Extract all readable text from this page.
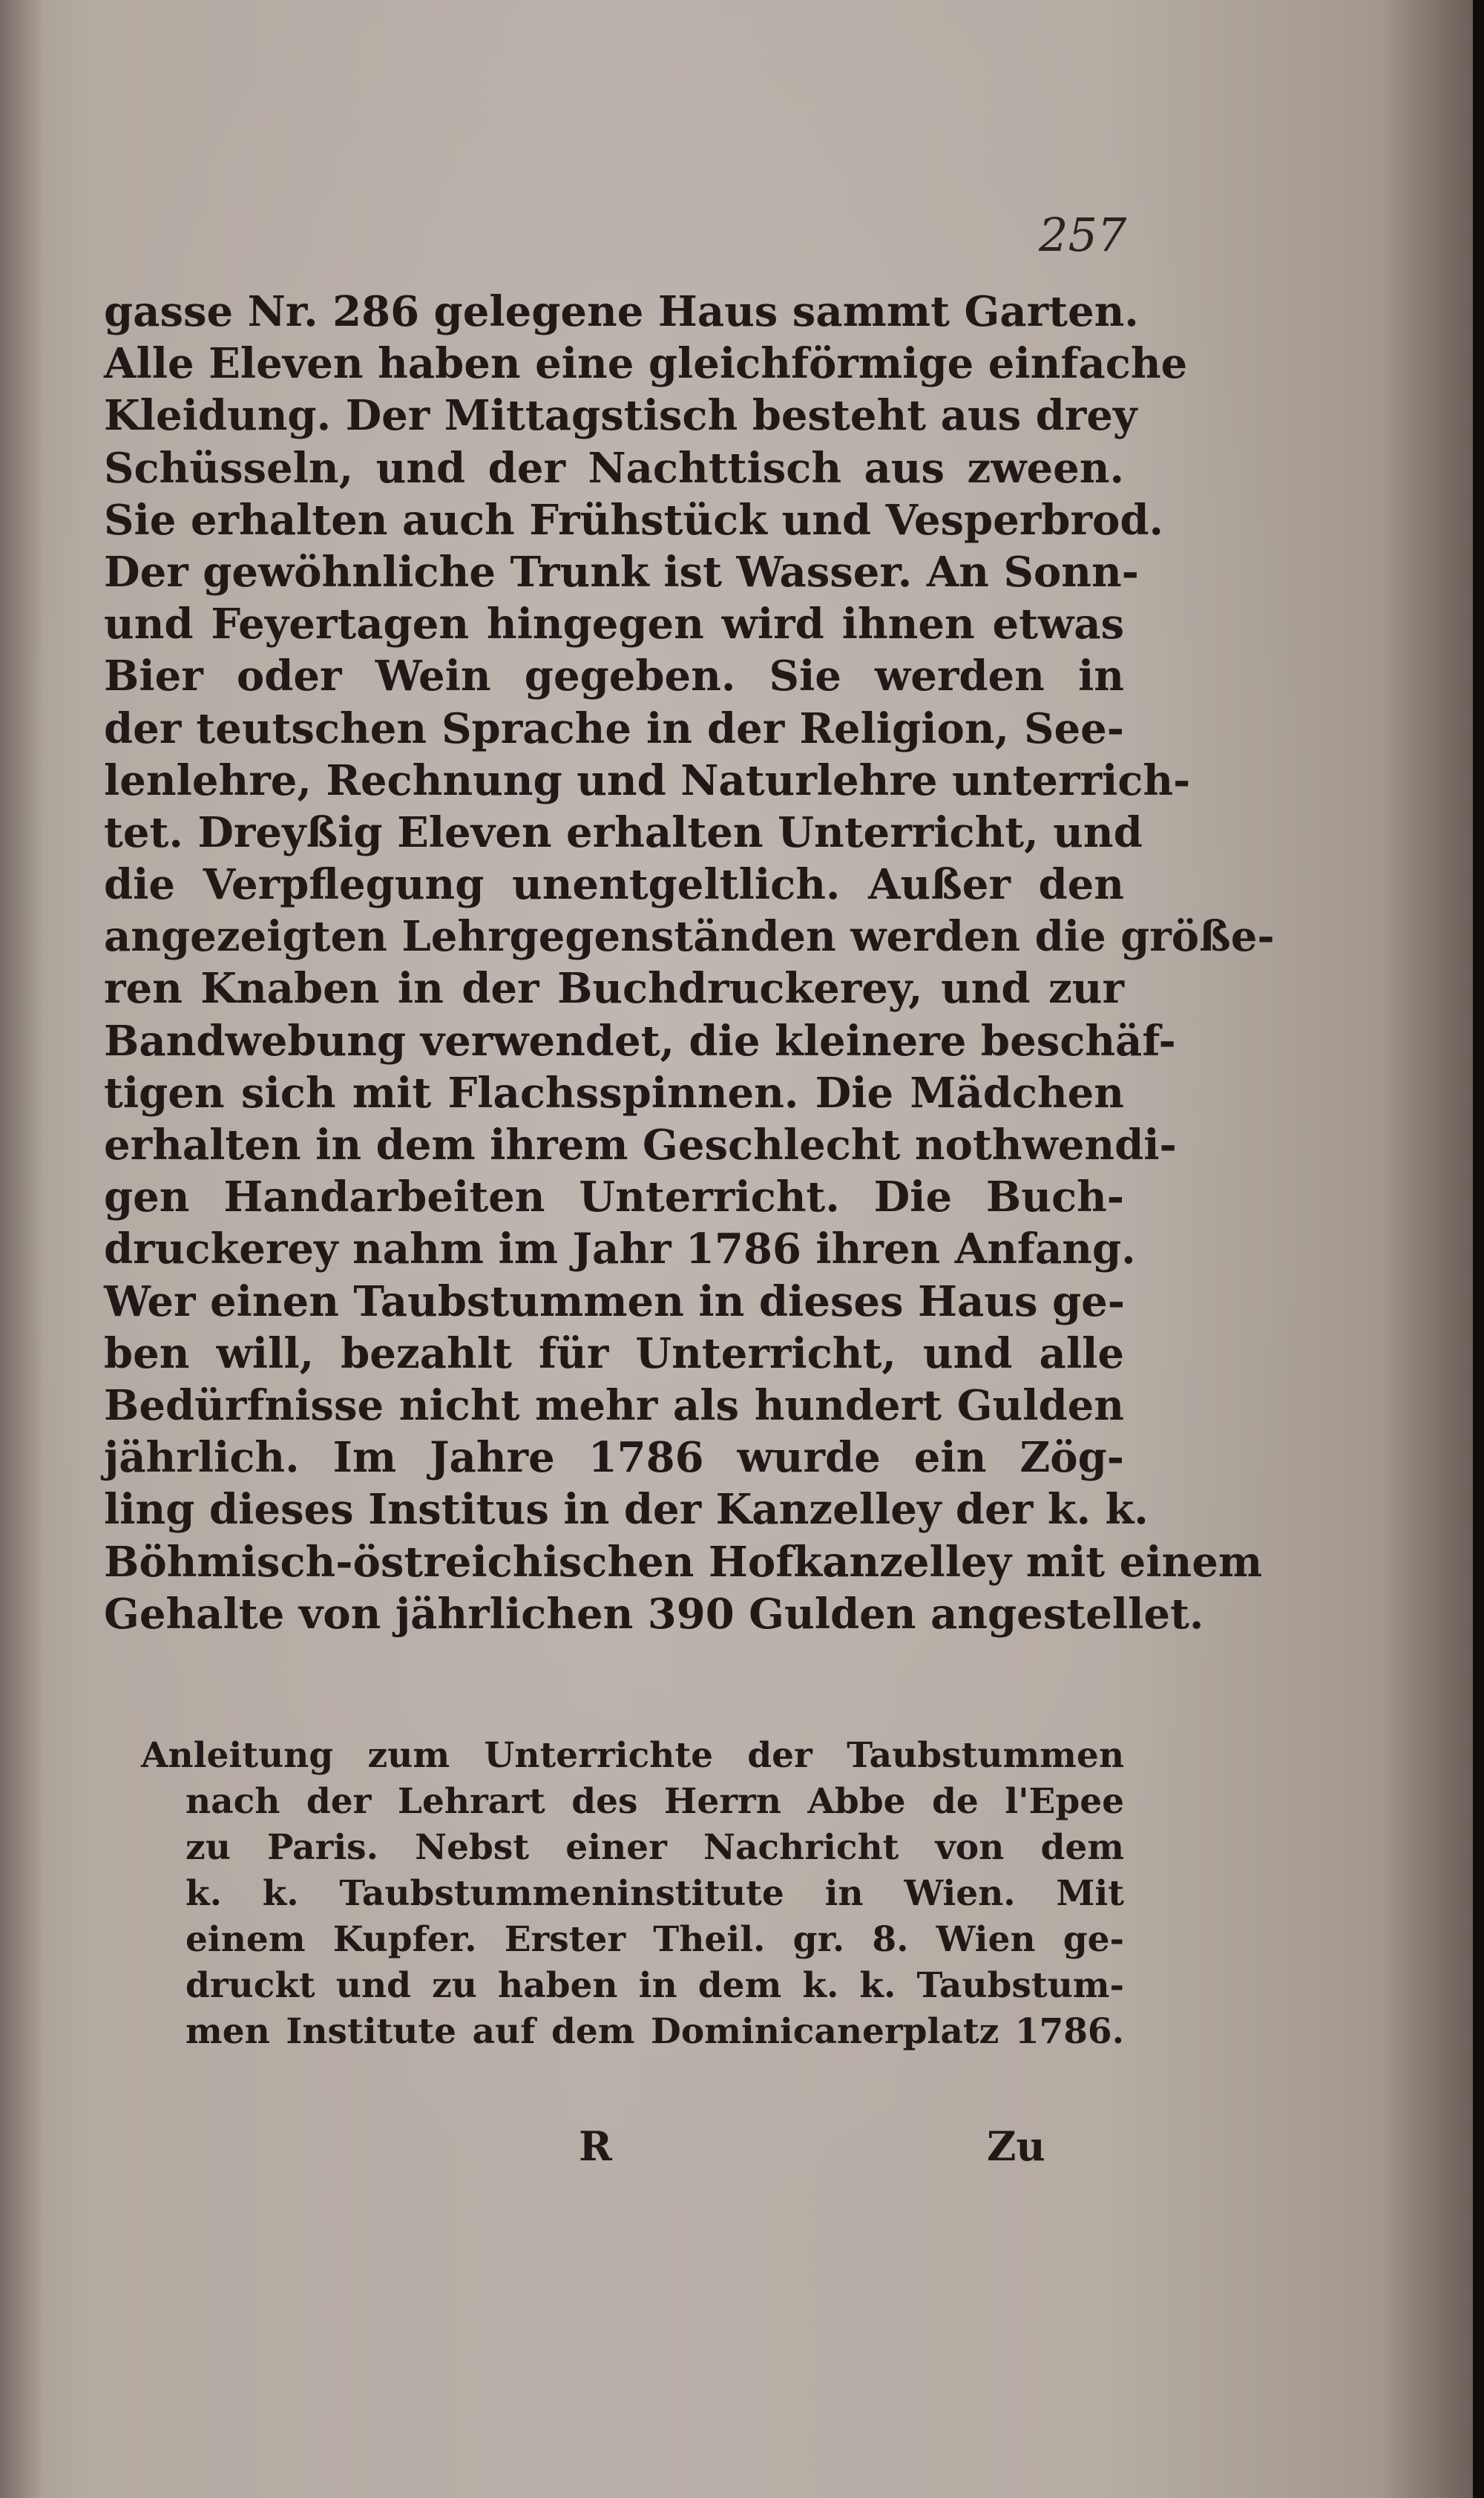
257
gasse Nr. 286 gelegene Haus sammt Garten.
Alle Eleven haben eine gleichförmige einfache
Kleidung. Der Mittagstisch besteht aus drey
Schüsseln, und der Nachttisch aus zween.
Sie erhalten auch Frühstück und Vesperbrod.
Der gewöhnliche Trunk ist Wasser. An Sonn-
und Feyertagen hingegen wird ihnen etwas
Bier oder Wein gegeben. Sie werden in
der teutschen Sprache in der Religion, See-
lenlehre, Rechnung und Naturlehre unterrich-
tet. Dreyßig Eleven erhalten Unterricht, und
die Verpflegung unentgeltlich. Außer den
angezeigten Lehrgegenständen werden die größe-
ren Knaben in der Buchdruckerey, und zur
Bandwebung verwendet, die kleinere beschäf-
tigen sich mit Flachsspinnen. Die Mädchen
erhalten in dem ihrem Geschlecht nothwendi-
gen Handarbeiten Unterricht. Die Buch-
druckerey nahm im Jahr 1786 ihren Anfang.
Wer einen Taubstummen in dieses Haus ge-
ben will, bezahlt für Unterricht, und alle
Bedürfnisse nicht mehr als hundert Gulden
jährlich. Im Jahre 1786 wurde ein Zög-
ling dieses Institus in der Kanzelley der k. k.
Böhmisch-östreichischen Hofkanzelley mit einem
Gehalte von jährlichen 390 Gulden angestellet.
Anleitung zum Unterrichte der Taubstummen
nach der Lehrart des Herrn Abbe de l'Epee
zu Paris. Nebst einer Nachricht von dem
k. k. Taubstummeninstitute in Wien. Mit
einem Kupfer. Erster Theil. gr. 8. Wien ge-
druckt und zu haben in dem k. k. Taubstum-
men Institute auf dem Dominicanerplatz 1786.
R	Zu
